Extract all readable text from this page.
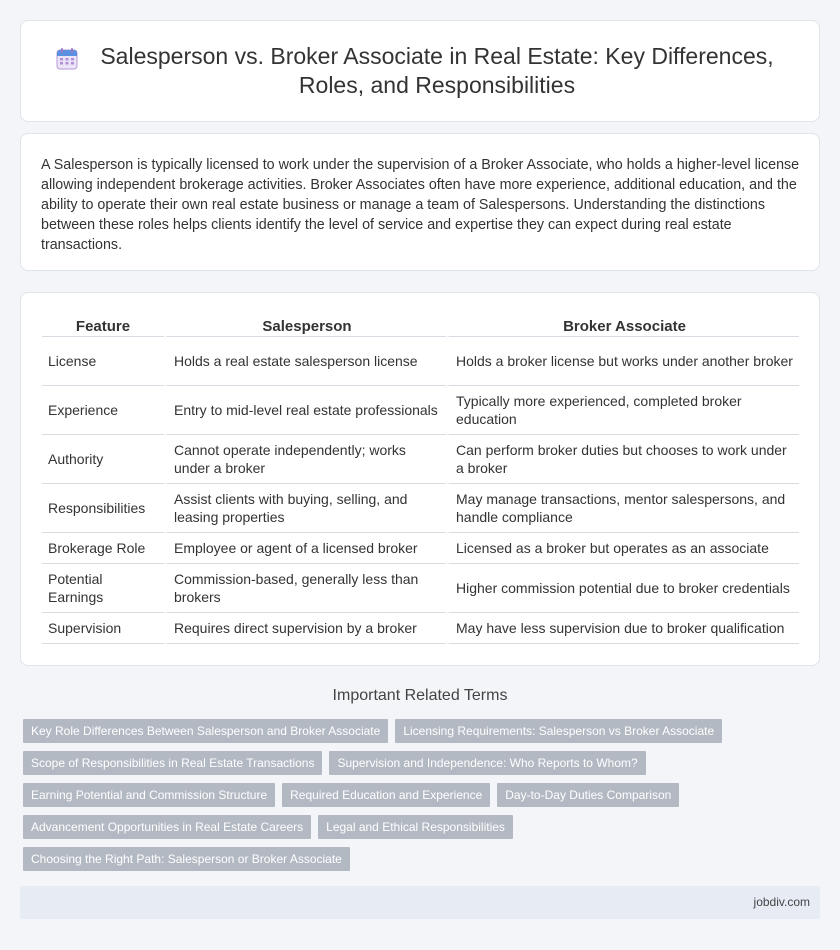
Salesperson vs. Broker Associate in Real Estate: Key Differences, Roles, and Responsibilities

A Salesperson is typically licensed to work under the supervision of a Broker Associate, who holds a higher-level license allowing independent brokerage activities. Broker Associates often have more experience, additional education, and the ability to operate their own real estate business or manage a team of Salespersons. Understanding the distinctions between these roles helps clients identify the level of service and expertise they can expect during real estate transactions.

Feature	Salesperson	Broker Associate
License	Holds a real estate salesperson license	Holds a broker license but works under another broker
Experience	Entry to mid-level real estate professionals	Typically more experienced, completed broker education
Authority	Cannot operate independently; works under a broker	Can perform broker duties but chooses to work under a broker
Responsibilities	Assist clients with buying, selling, and leasing properties	May manage transactions, mentor salespersons, and handle compliance
Brokerage Role	Employee or agent of a licensed broker	Licensed as a broker but operates as an associate
Potential Earnings	Commission-based, generally less than brokers	Higher commission potential due to broker credentials
Supervision	Requires direct supervision by a broker	May have less supervision due to broker qualification
Important Related Terms
Key Role Differences Between Salesperson and Broker Associate	Licensing Requirements: Salesperson vs Broker Associate
Scope of Responsibilities in Real Estate Transactions	Supervision and Independence: Who Reports to Whom?
Earning Potential and Commission Structure	Required Education and Experience	Day-to-Day Duties Comparison
Advancement Opportunities in Real Estate Careers	Legal and Ethical Responsibilities
Choosing the Right Path: Salesperson or Broker Associate
jobdiv.com
